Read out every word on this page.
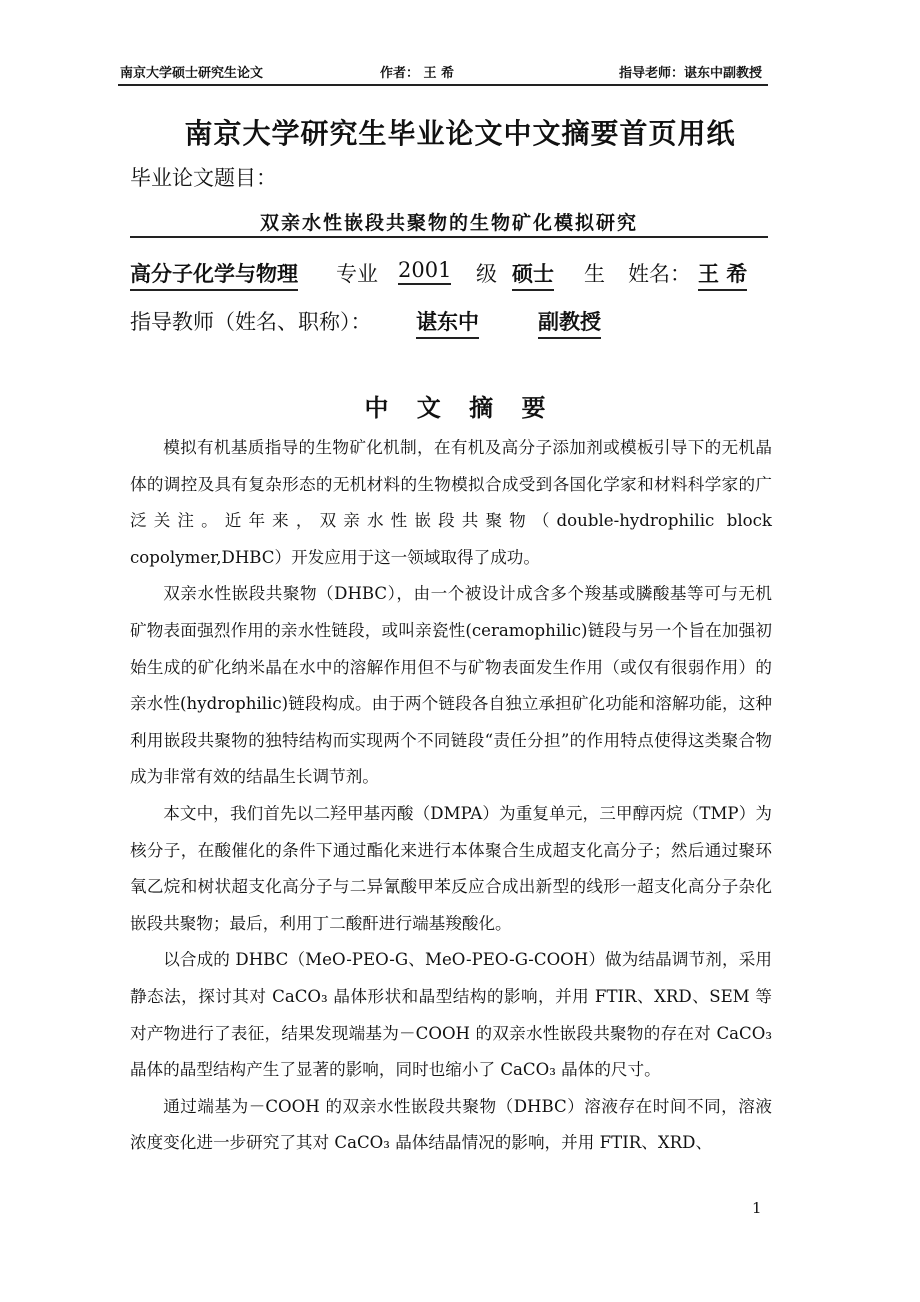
南京大学硕士研究生论文	作者： 王 希	指导老师：谌东中副教授
南京大学研究生毕业论文中文摘要首页用纸
毕业论文题目：
双亲水性嵌段共聚物的生物矿化模拟研究
高分子化学与物理 专业 2001 级 硕士 生 姓名： 王 希
指导教师（姓名、职称）： 谌东中	副教授
中 文 摘 要

模拟有机基质指导的生物矿化机制，在有机及高分子添加剂或模板引导下的无机晶体的调控及具有复杂形态的无机材料的生物模拟合成受到各国化学家和材料科学家的广泛关注。近年来，双亲水性嵌段共聚物（double-hydrophilic block copolymer,DHBC）开发应用于这一领域取得了成功。

双亲水性嵌段共聚物（DHBC），由一个被设计成含多个羧基或膦酸基等可与无机矿物表面强烈作用的亲水性链段，或叫亲瓷性(ceramophilic)链段与另一个旨在加强初始生成的矿化纳米晶在水中的溶解作用但不与矿物表面发生作用（或仅有很弱作用）的亲水性(hydrophilic)链段构成。由于两个链段各自独立承担矿化功能和溶解功能，这种利用嵌段共聚物的独特结构而实现两个不同链段“责任分担”的作用特点使得这类聚合物成为非常有效的结晶生长调节剂。

本文中，我们首先以二羟甲基丙酸（DMPA）为重复单元，三甲醇丙烷（TMP）为核分子，在酸催化的条件下通过酯化来进行本体聚合生成超支化高分子；然后通过聚环氧乙烷和树状超支化高分子与二异氰酸甲苯反应合成出新型的线形一超支化高分子杂化嵌段共聚物；最后，利用丁二酸酐进行端基羧酸化。

以合成的 DHBC（MeO-PEO-G、MeO-PEO-G-COOH）做为结晶调节剂，采用静态法，探讨其对 CaCO₃ 晶体形状和晶型结构的影响，并用 FTIR、XRD、SEM 等对产物进行了表征，结果发现端基为－COOH 的双亲水性嵌段共聚物的存在对 CaCO₃ 晶体的晶型结构产生了显著的影响，同时也缩小了 CaCO₃ 晶体的尺寸。

通过端基为－COOH 的双亲水性嵌段共聚物（DHBC）溶液存在时间不同，溶液浓度变化进一步研究了其对 CaCO₃ 晶体结晶情况的影响，并用 FTIR、XRD、

1
